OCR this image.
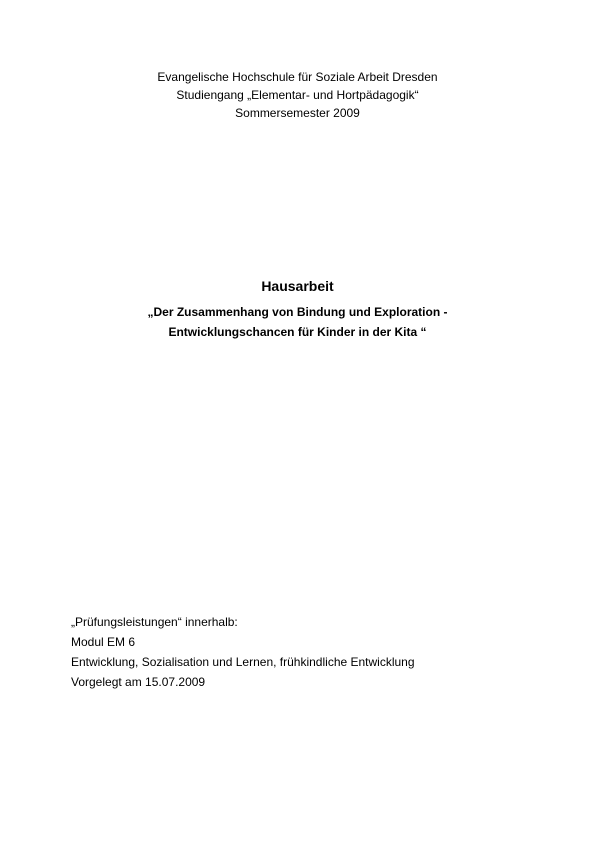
Evangelische Hochschule für Soziale Arbeit Dresden
Studiengang „Elementar- und Hortpädagogik“
Sommersemester 2009
Hausarbeit
„Der Zusammenhang von Bindung und Exploration -
Entwicklungschancen für Kinder in der Kita “
„Prüfungsleistungen“ innerhalb:
Modul EM 6
Entwicklung, Sozialisation und Lernen, frühkindliche Entwicklung
Vorgelegt am 15.07.2009
